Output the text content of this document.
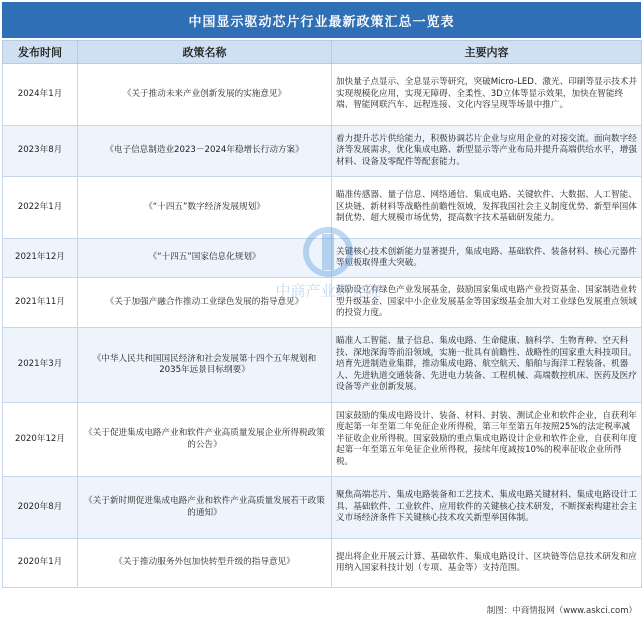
中国显示驱动芯片行业最新政策汇总一览表
发布时间	政策名称	主要内容
2024年1月	《关于推动未来产业创新发展的实施意见》	加快量子点显示、全息显示等研究，突破Micro-LED、激光、印刷等显示技术并实现规模化应用，实现无障碍、全柔性、3D立体等显示效果，加快在智能终端、智能网联汽车、远程连接、文化内容呈现等场景中推广。
2023年8月	《电子信息制造业2023－2024年稳增长行动方案》	着力提升芯片供给能力，积极协调芯片企业与应用企业的对接交流。面向数字经济等发展需求，优化集成电路、新型显示等产业布局并提升高端供给水平，增强材料、设备及零配件等配套能力。
2022年1月	《“十四五”数字经济发展规划》	瞄准传感器、量子信息、网络通信、集成电路、关键软件、大数据、人工智能、区块链、新材料等战略性前瞻性领域，发挥我国社会主义制度优势、新型举国体制优势、超大规模市场优势，提高数字技术基础研发能力。
2021年12月	《“十四五”国家信息化规划》	关键核心技术创新能力显著提升，集成电路、基础软件、装备材料、核心元器件等短板取得重大突破。
2021年11月	《关于加强产融合作推动工业绿色发展的指导意见》	鼓励设立有绿色产业发展基金，鼓励国家集成电路产业投资基金、国家制造业转型升级基金、国家中小企业发展基金等国家级基金加大对工业绿色发展重点领域的投资力度。
2021年3月	《中华人民共和国国民经济和社会发展第十四个五年规划和2035年远景目标纲要》	瞄准人工智能、量子信息、集成电路、生命健康、脑科学、生物育种、空天科技、深地深海等前沿领域，实施一批具有前瞻性、战略性的国家重大科技项目。培育先进制造业集群，推动集成电路、航空航天、船舶与海洋工程装备、机器人、先进轨道交通装备、先进电力装备、工程机械、高端数控机床、医药及医疗设备等产业创新发展。
2020年12月	《关于促进集成电路产业和软件产业高质量发展企业所得税政策的公告》	国家鼓励的集成电路设计、装备、材料、封装、测试企业和软件企业，自获利年度起第一年至第二年免征企业所得税，第三年至第五年按照25%的法定税率减半征收企业所得税。国家鼓励的重点集成电路设计企业和软件企业，自获利年度起第一年至第五年免征企业所得税，接续年度减按10%的税率征收企业所得税。
2020年8月	《关于新时期促进集成电路产业和软件产业高质量发展若干政策的通知》	聚焦高端芯片、集成电路装备和工艺技术、集成电路关键材料、集成电路设计工具、基础软件、工业软件、应用软件的关键核心技术研发，不断探索构建社会主义市场经济条件下关键核心技术攻关新型举国体制。
2020年1月	《关于推动服务外包加快转型升级的指导意见》	提出将企业开展云计算、基础软件、集成电路设计、区块链等信息技术研发和应用纳入国家科技计划（专项、基金等）支持范围。
中商产业研究院
制图：中商情报网（www.askci.com）
